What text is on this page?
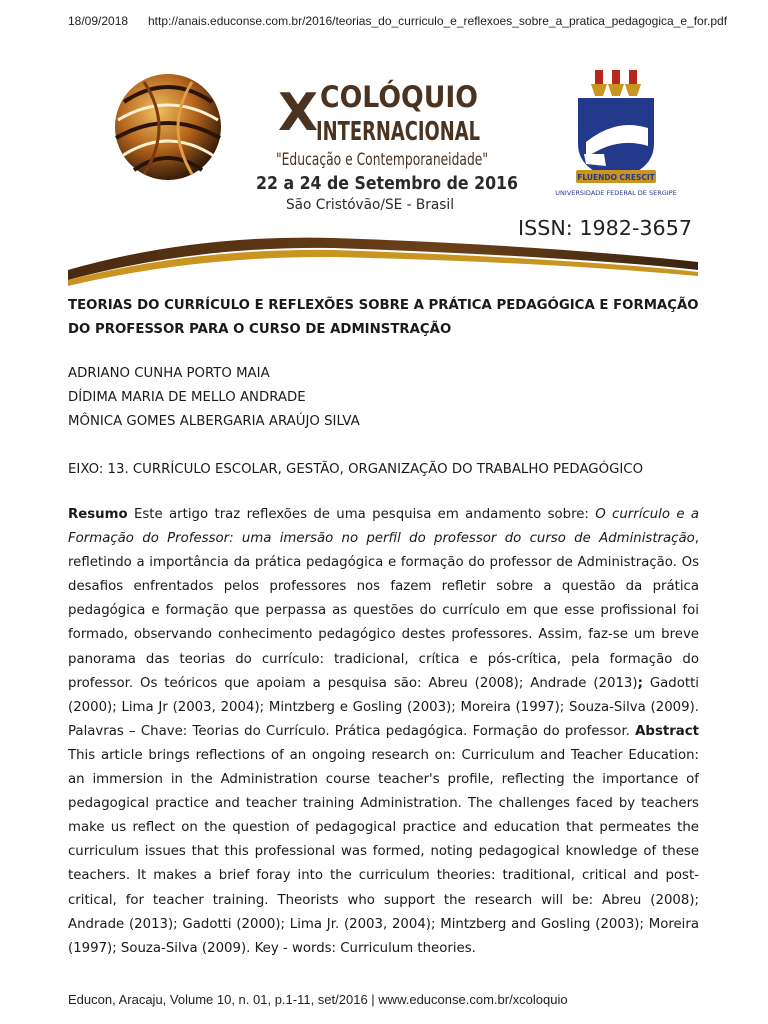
18/09/2018 http://anais.educonse.com.br/2016/teorias_do_curriculo_e_reflexoes_sobre_a_pratica_pedagogica_e_for.pdf
X COLÓQUIO
INTERNACIONAL
"Educação e Contemporaneidade"
22 a 24 de Setembro de 2016
São Cristóvão/SE - Brasil
FLUENDO CRESCIT
UNIVERSIDADE FEDERAL DE SERGIPE
ISSN: 1982-3657
TEORIAS DO CURRÍCULO E REFLEXÕES SOBRE A PRÁTICA PEDAGÓGICA E FORMAÇÃO DO PROFESSOR PARA O CURSO DE ADMINSTRAÇÃO
ADRIANO CUNHA PORTO MAIA
DÍDIMA MARIA DE MELLO ANDRADE
MÔNICA GOMES ALBERGARIA ARAÚJO SILVA
EIXO: 13. CURRÍCULO ESCOLAR, GESTÃO, ORGANIZAÇÃO DO TRABALHO PEDAGÓGICO
Resumo Este artigo traz reflexões de uma pesquisa em andamento sobre: O currículo e a Formação do Professor: uma imersão no perfil do professor do curso de Administração, refletindo a importância da prática pedagógica e formação do professor de Administração. Os desafios enfrentados pelos professores nos fazem refletir sobre a questão da prática pedagógica e formação que perpassa as questões do currículo em que esse profissional foi formado, observando conhecimento pedagógico destes professores. Assim, faz-se um breve panorama das teorias do currículo: tradicional, crítica e pós-crítica, pela formação do professor. Os teóricos que apoiam a pesquisa são: Abreu (2008); Andrade (2013); Gadotti (2000); Lima Jr (2003, 2004); Mintzberg e Gosling (2003); Moreira (1997); Souza-Silva (2009). Palavras – Chave: Teorias do Currículo. Prática pedagógica. Formação do professor. Abstract This article brings reflections of an ongoing research on: Curriculum and Teacher Education: an immersion in the Administration course teacher's profile, reflecting the importance of pedagogical practice and teacher training Administration. The challenges faced by teachers make us reflect on the question of pedagogical practice and education that permeates the curriculum issues that this professional was formed, noting pedagogical knowledge of these teachers. It makes a brief foray into the curriculum theories: traditional, critical and post-critical, for teacher training. Theorists who support the research will be: Abreu (2008); Andrade (2013); Gadotti (2000); Lima Jr. (2003, 2004); Mintzberg and Gosling (2003); Moreira (1997); Souza-Silva (2009). Key - words: Curriculum theories.
Educon, Aracaju, Volume 10, n. 01, p.1-11, set/2016 | www.educonse.com.br/xcoloquio
